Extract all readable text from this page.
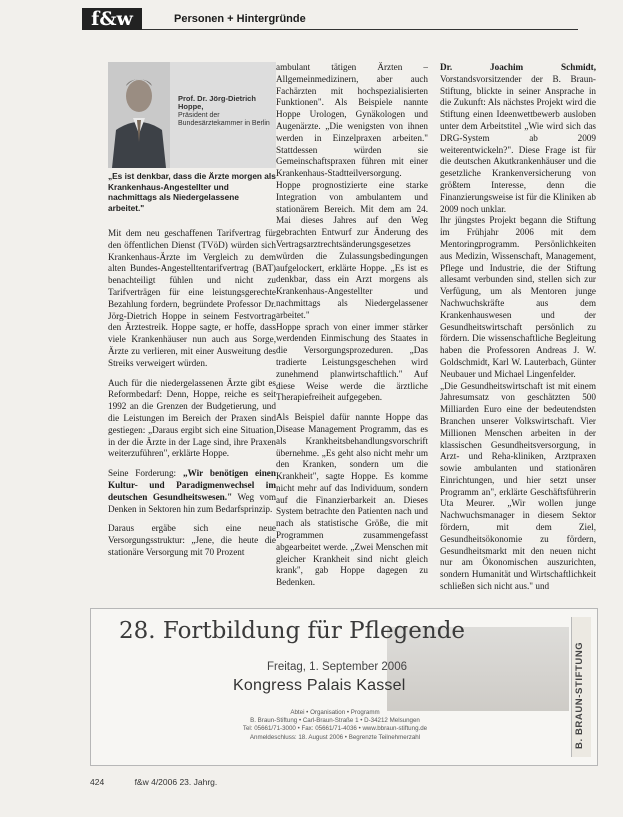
f&w	Personen + Hintergründe
Prof. Dr. Jörg-Dietrich Hoppe,
Präsident der Bundesärztekammer in Berlin
„Es ist denkbar, dass die Ärzte morgen als Krankenhaus-Angestellter und nachmittags als Niedergelassene arbeitet."

Mit dem neu geschaffenen Tarifvertrag für den öffentlichen Dienst (TVöD) würden sich Krankenhaus-Ärzte im Vergleich zu dem alten Bundes-Angestelltentarifvertrag (BAT) benachteiligt fühlen und nicht zu Tarifverträgen für eine leistungsgerechte Bezahlung fordern, begründete Professor Dr. Jörg-Dietrich Hoppe in seinem Festvortrag den Ärztestreik. Hoppe sagte, er hoffe, dass viele Krankenhäuser nun auch aus Sorge, Ärzte zu verlieren, mit einer Ausweitung des Streiks verweigert würden.

Auch für die niedergelassenen Ärzte gibt es Reformbedarf: Denn, Hoppe, reiche es seit 1992 an die Grenzen der Budgetierung, und die Leistungen im Bereich der Praxen sind gestiegen: „Daraus ergibt sich eine Situation, in der die Ärzte in der Lage sind, ihre Praxen weiterzuführen", erklärte Hoppe.

Seine Forderung: „Wir benötigen einen Kultur- und Paradigmenwechsel im deutschen Gesundheitswesen." Weg vom Denken in Sektoren hin zum Bedarfsprinzip.

Daraus ergäbe sich eine neue Versorgungsstruktur: „Jene, die heute die stationäre Versorgung mit 70 Prozent

ambulant tätigen Ärzten – Allgemeinmedizinern, aber auch Fachärzten mit hochspezialisierten Funktionen". Als Beispiele nannte Hoppe Urologen, Gynäkologen und Augenärzte. „Die wenigsten von ihnen werden in Einzelpraxen arbeiten." Stattdessen würden sie Gemeinschaftspraxen führen mit einer Krankenhaus-Stadtteilversorgung.

Hoppe prognostizierte eine starke Integration von ambulantem und stationärem Bereich. Mit dem am 24. Mai dieses Jahres auf den Weg gebrachten Entwurf zur Änderung des Vertragsarztrechtsänderungsgesetzes würden die Zulassungsbedingungen aufgelockert, erklärte Hoppe. „Es ist es denkbar, dass ein Arzt morgens als Krankenhaus-Angestellter und nachmittags als Niedergelassener arbeitet."

Hoppe sprach von einer immer stärker werdenden Einmischung des Staates in die Versorgungsprozeduren. „Das tradierte Leistungsgeschehen wird zunehmend planwirtschaftlich." Auf diese Weise werde die ärztliche Therapiefreiheit aufgegeben.

Als Beispiel dafür nannte Hoppe das Disease Management Programm, das es als Krankheitsbehandlungsvorschrift übernehme. „Es geht also nicht mehr um den Kranken, sondern um die Krankheit", sagte Hoppe. Es komme nicht mehr auf das Individuum, sondern auf die Finanzierbarkeit an. Dieses System betrachte den Patienten nach und nach als statistische Größe, die mit Programmen zusammengefasst abgearbeitet werde. „Zwei Menschen mit gleicher Krankheit sind nicht gleich krank", gab Hoppe dagegen zu Bedenken.

Dr. Joachim Schmidt, Vorstandsvorsitzender der B. Braun-Stiftung, blickte in seiner Ansprache in die Zukunft: Als nächstes Projekt wird die Stiftung einen Ideenwettbewerb ausloben unter dem Arbeitstitel „Wie wird sich das DRG-System ab 2009 weiterentwickeln?". Diese Frage ist für die deutschen Akutkrankenhäuser und die gesetzliche Krankenversicherung von größtem Interesse, denn die Finanzierungsweise ist für die Kliniken ab 2009 noch unklar.

Ihr jüngstes Projekt begann die Stiftung im Frühjahr 2006 mit dem Mentoringprogramm. Persönlichkeiten aus Medizin, Wissenschaft, Management, Pflege und Industrie, die der Stiftung allesamt verbunden sind, stellen sich zur Verfügung, um als Mentoren junge Nachwuchskräfte aus dem Krankenhauswesen und der Gesundheitswirtschaft persönlich zu fördern. Die wissenschaftliche Begleitung haben die Professoren Andreas J. W. Goldschmidt, Karl W. Lauterbach, Günter Neubauer und Michael Lingenfelder.

„Die Gesundheitswirtschaft ist mit einem Jahresumsatz von geschätzten 500 Milliarden Euro eine der bedeutendsten Branchen unserer Volkswirtschaft. Vier Millionen Menschen arbeiten in der klassischen Gesundheitsversorgung, in Arzt- und Reha-kliniken, Arztpraxen sowie ambulanten und stationären Einrichtungen, und hier setzt unser Programm an", erklärte Geschäftsführerin Uta Meurer. „Wir wollen junge Nachwuchsmanager in diesem Sektor fördern, mit dem Ziel, Gesundheitsökonomie zu fördern, Gesundheitsmarkt mit den neuen nicht nur am Ökonomischen auszurichten, sondern Humanität und Wirtschaftlichkeit schließen sich nicht aus." und

28. Fortbildung für Pflegende
Freitag, 1. September 2006
Kongress Palais Kassel
Abtei • Organisation • Programm
B. Braun-Stiftung • Carl-Braun-Straße 1 • D-34212 Melsungen
Tel: 05661/71-3000 • Fax: 05661/71-4036 • www.bbraun-stiftung.de
Anmeldeschluss: 18. August 2006 • Begrenzte Teilnehmerzahl	B. BRAUN-STIFTUNG
424	f&w 4/2006 23. Jahrg.
